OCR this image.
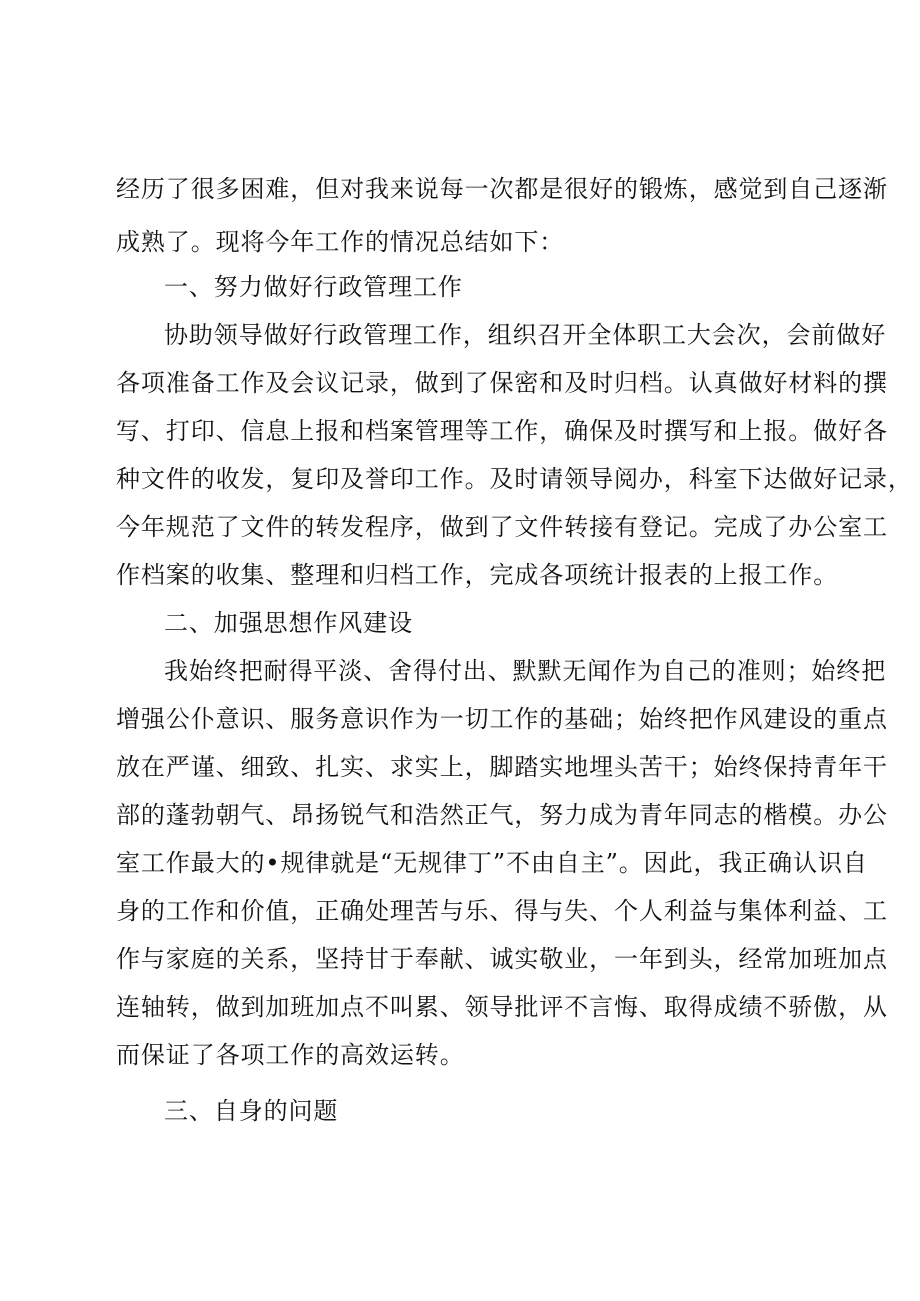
经历了很多困难，但对我来说每一次都是很好的锻炼，感觉到自己逐渐
成熟了。现将今年工作的情况总结如下：
一、努力做好行政管理工作
协助领导做好行政管理工作，组织召开全体职工大会次，会前做好
各项准备工作及会议记录，做到了保密和及时归档。认真做好材料的撰
写、打印、信息上报和档案管理等工作，确保及时撰写和上报。做好各
种文件的收发，复印及誉印工作。及时请领导阅办，科室下达做好记录，
今年规范了文件的转发程序，做到了文件转接有登记。完成了办公室工
作档案的收集、整理和归档工作，完成各项统计报表的上报工作。
二、加强思想作风建设
我始终把耐得平淡、舍得付出、默默无闻作为自己的准则；始终把
增强公仆意识、服务意识作为一切工作的基础；始终把作风建设的重点
放在严谨、细致、扎实、求实上，脚踏实地埋头苦干；始终保持青年干
部的蓬勃朝气、昂扬锐气和浩然正气，努力成为青年同志的楷模。办公
室工作最大的•规律就是“无规律丁”不由自主”。因此，我正确认识自
身的工作和价值，正确处理苦与乐、得与失、个人利益与集体利益、工
作与家庭的关系，坚持甘于奉献、诚实敬业，一年到头，经常加班加点
连轴转，做到加班加点不叫累、领导批评不言悔、取得成绩不骄傲，从
而保证了各项工作的高效运转。
三、自身的问题
